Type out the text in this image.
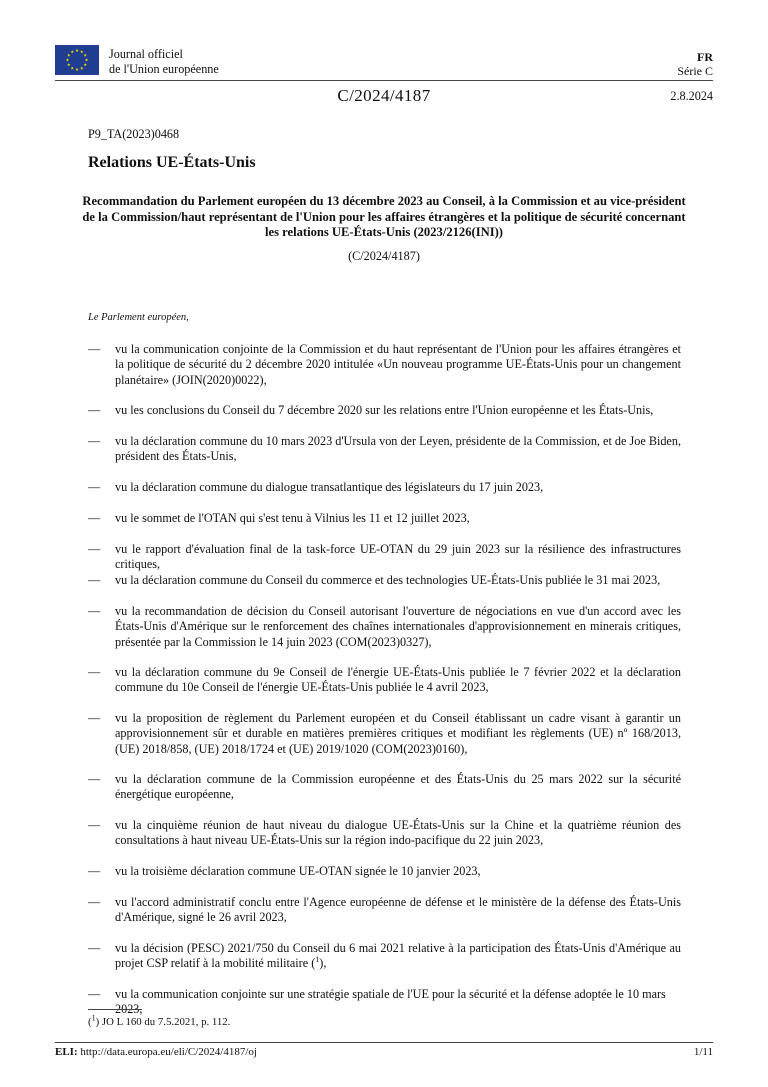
Journal officiel
de l'Union européenne
FR
Série C
C/2024/4187	2.8.2024
P9_TA(2023)0468
Relations UE-États-Unis
Recommandation du Parlement européen du 13 décembre 2023 au Conseil, à la Commission et au vice-président de la Commission/haut représentant de l'Union pour les affaires étrangères et la politique de sécurité concernant les relations UE-États-Unis (2023/2126(INI))
(C/2024/4187)
Le Parlement européen,
— vu la communication conjointe de la Commission et du haut représentant de l'Union pour les affaires étrangères et la politique de sécurité du 2 décembre 2020 intitulée «Un nouveau programme UE-États-Unis pour un changement planétaire» (JOIN(2020)0022),
— vu les conclusions du Conseil du 7 décembre 2020 sur les relations entre l'Union européenne et les États-Unis,
— vu la déclaration commune du 10 mars 2023 d'Ursula von der Leyen, présidente de la Commission, et de Joe Biden, président des États-Unis,
— vu la déclaration commune du dialogue transatlantique des législateurs du 17 juin 2023,
— vu le sommet de l'OTAN qui s'est tenu à Vilnius les 11 et 12 juillet 2023,
— vu le rapport d'évaluation final de la task-force UE-OTAN du 29 juin 2023 sur la résilience des infrastructures critiques,
— vu la déclaration commune du Conseil du commerce et des technologies UE-États-Unis publiée le 31 mai 2023,
— vu la recommandation de décision du Conseil autorisant l'ouverture de négociations en vue d'un accord avec les États-Unis d'Amérique sur le renforcement des chaînes internationales d'approvisionnement en minerais critiques, présentée par la Commission le 14 juin 2023 (COM(2023)0327),
— vu la déclaration commune du 9e Conseil de l'énergie UE-États-Unis publiée le 7 février 2022 et la déclaration commune du 10e Conseil de l'énergie UE-États-Unis publiée le 4 avril 2023,
— vu la proposition de règlement du Parlement européen et du Conseil établissant un cadre visant à garantir un approvisionnement sûr et durable en matières premières critiques et modifiant les règlements (UE) nº 168/2013, (UE) 2018/858, (UE) 2018/1724 et (UE) 2019/1020 (COM(2023)0160),
— vu la déclaration commune de la Commission européenne et des États-Unis du 25 mars 2022 sur la sécurité énergétique européenne,
— vu la cinquième réunion de haut niveau du dialogue UE-États-Unis sur la Chine et la quatrième réunion des consultations à haut niveau UE-États-Unis sur la région indo-pacifique du 22 juin 2023,
— vu la troisième déclaration commune UE-OTAN signée le 10 janvier 2023,
— vu l'accord administratif conclu entre l'Agence européenne de défense et le ministère de la défense des États-Unis d'Amérique, signé le 26 avril 2023,
— vu la décision (PESC) 2021/750 du Conseil du 6 mai 2021 relative à la participation des États-Unis d'Amérique au projet CSP relatif à la mobilité militaire ($^1$),
— vu la communication conjointe sur une stratégie spatiale de l'UE pour la sécurité et la défense adoptée le 10 mars 2023,
($^1$) JO L 160 du 7.5.2021, p. 112.
ELI: http://data.europa.eu/eli/C/2024/4187/oj	1/11
